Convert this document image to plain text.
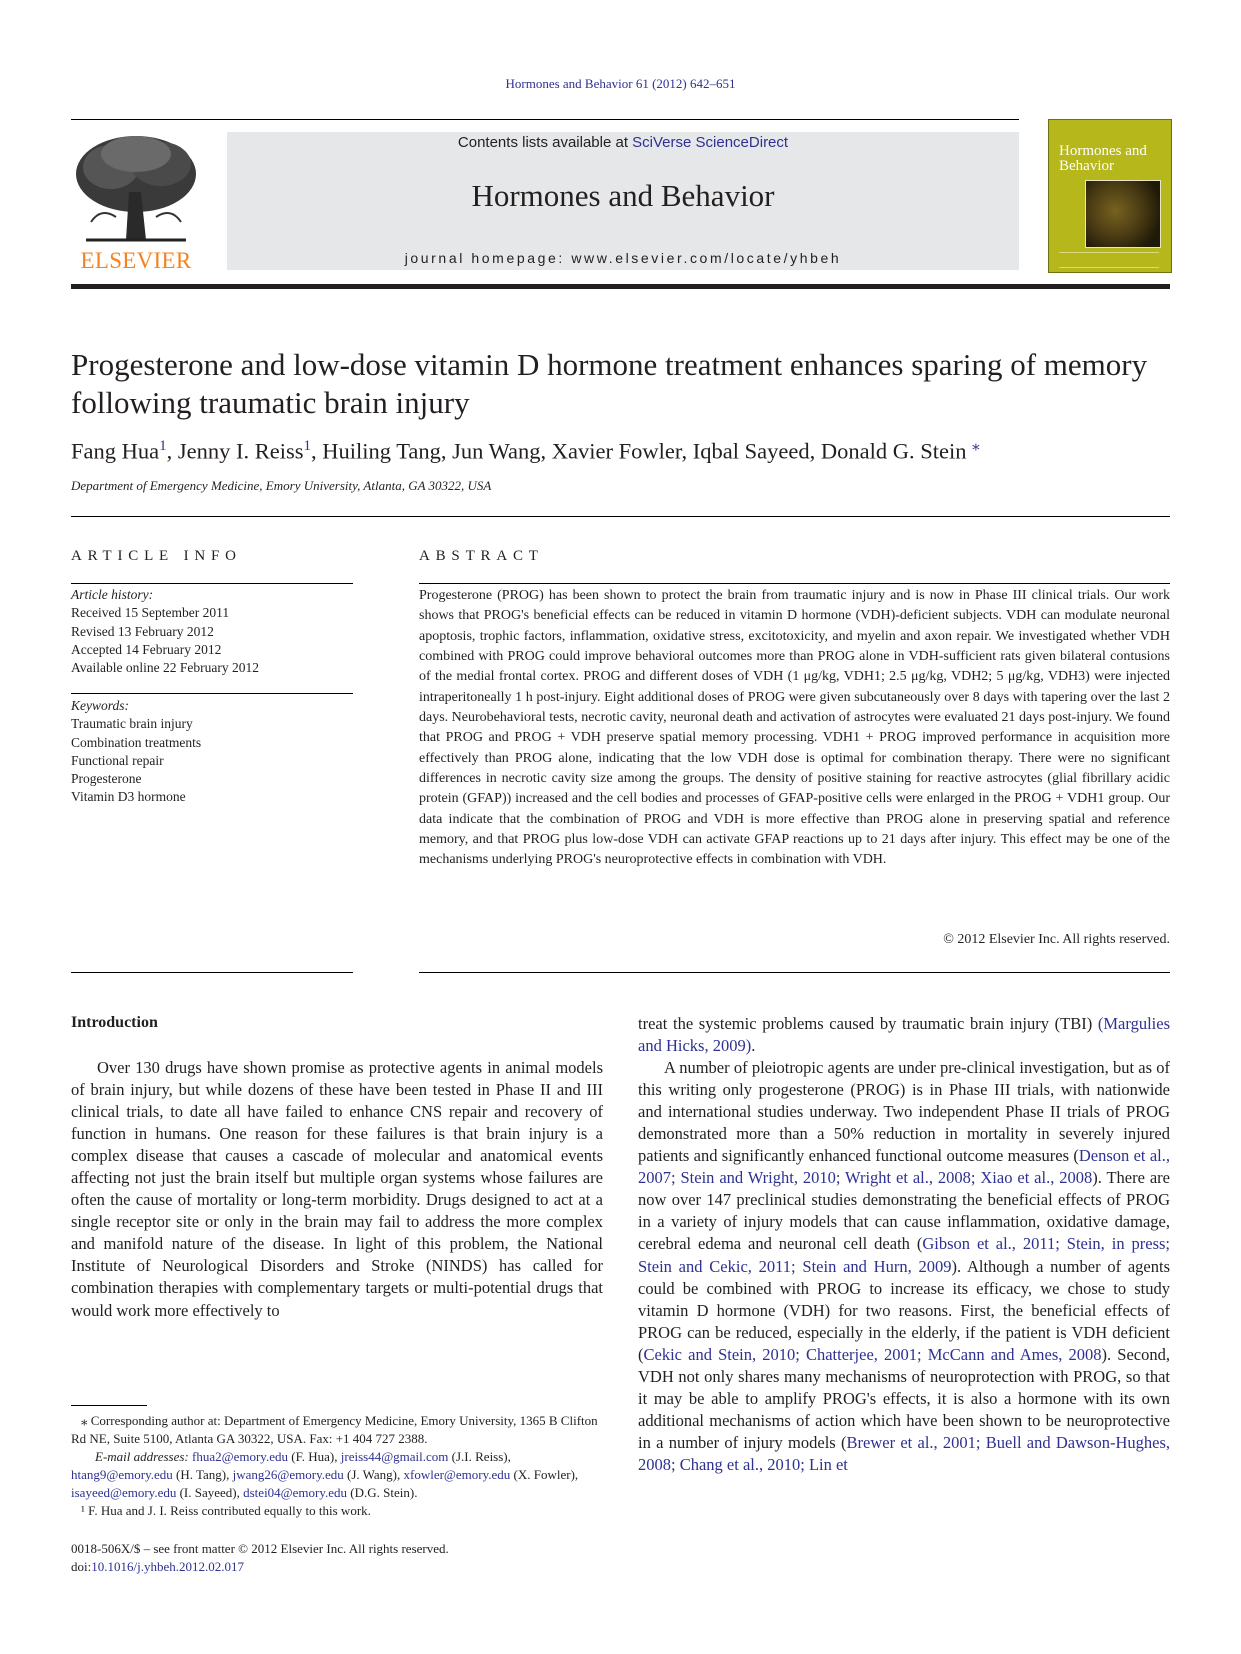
Hormones and Behavior 61 (2012) 642–651
ELSEVIER
Contents lists available at SciVerse ScienceDirect
Hormones and Behavior
journal homepage: www.elsevier.com/locate/yhbeh
Hormones and Behavior
Progesterone and low-dose vitamin D hormone treatment enhances sparing of memory following traumatic brain injury
Fang Hua$^1$, Jenny I. Reiss$^1$, Huiling Tang, Jun Wang, Xavier Fowler, Iqbal Sayeed, Donald G. Stein ⁎
Department of Emergency Medicine, Emory University, Atlanta, GA 30322, USA
ARTICLE INFO	ABSTRACT
Article history:
Received 15 September 2011
Revised 13 February 2012
Accepted 14 February 2012
Available online 22 February 2012
Keywords:
Traumatic brain injury
Combination treatments
Functional repair
Progesterone
Vitamin D3 hormone
Progesterone (PROG) has been shown to protect the brain from traumatic injury and is now in Phase III clinical trials. Our work shows that PROG's beneficial effects can be reduced in vitamin D hormone (VDH)-deficient subjects. VDH can modulate neuronal apoptosis, trophic factors, inflammation, oxidative stress, excitotoxicity, and myelin and axon repair. We investigated whether VDH combined with PROG could improve behavioral outcomes more than PROG alone in VDH-sufficient rats given bilateral contusions of the medial frontal cortex. PROG and different doses of VDH (1 μg/kg, VDH1; 2.5 μg/kg, VDH2; 5 μg/kg, VDH3) were injected intraperitoneally 1 h post-injury. Eight additional doses of PROG were given subcutaneously over 8 days with tapering over the last 2 days. Neurobehavioral tests, necrotic cavity, neuronal death and activation of astrocytes were evaluated 21 days post-injury. We found that PROG and PROG + VDH preserve spatial memory processing. VDH1 + PROG improved performance in acquisition more effectively than PROG alone, indicating that the low VDH dose is optimal for combination therapy. There were no significant differences in necrotic cavity size among the groups. The density of positive staining for reactive astrocytes (glial fibrillary acidic protein (GFAP)) increased and the cell bodies and processes of GFAP-positive cells were enlarged in the PROG + VDH1 group. Our data indicate that the combination of PROG and VDH is more effective than PROG alone in preserving spatial and reference memory, and that PROG plus low-dose VDH can activate GFAP reactions up to 21 days after injury. This effect may be one of the mechanisms underlying PROG's neuroprotective effects in combination with VDH.
© 2012 Elsevier Inc. All rights reserved.
Introduction
Over 130 drugs have shown promise as protective agents in animal models of brain injury, but while dozens of these have been tested in Phase II and III clinical trials, to date all have failed to enhance CNS repair and recovery of function in humans. One reason for these failures is that brain injury is a complex disease that causes a cascade of molecular and anatomical events affecting not just the brain itself but multiple organ systems whose failures are often the cause of mortality or long-term morbidity. Drugs designed to act at a single receptor site or only in the brain may fail to address the more complex and manifold nature of the disease. In light of this problem, the National Institute of Neurological Disorders and Stroke (NINDS) has called for combination therapies with complementary targets or multi-potential drugs that would work more effectively to

treat the systemic problems caused by traumatic brain injury (TBI) (Margulies and Hicks, 2009).

A number of pleiotropic agents are under pre-clinical investigation, but as of this writing only progesterone (PROG) is in Phase III trials, with nationwide and international studies underway. Two independent Phase II trials of PROG demonstrated more than a 50% reduction in mortality in severely injured patients and significantly enhanced functional outcome measures (Denson et al., 2007; Stein and Wright, 2010; Wright et al., 2008; Xiao et al., 2008). There are now over 147 preclinical studies demonstrating the beneficial effects of PROG in a variety of injury models that can cause inflammation, oxidative damage, cerebral edema and neuronal cell death (Gibson et al., 2011; Stein, in press; Stein and Cekic, 2011; Stein and Hurn, 2009). Although a number of agents could be combined with PROG to increase its efficacy, we chose to study vitamin D hormone (VDH) for two reasons. First, the beneficial effects of PROG can be reduced, especially in the elderly, if the patient is VDH deficient (Cekic and Stein, 2010; Chatterjee, 2001; McCann and Ames, 2008). Second, VDH not only shares many mechanisms of neuroprotection with PROG, so that it may be able to amplify PROG's effects, it is also a hormone with its own additional mechanisms of action which have been shown to be neuroprotective in a number of injury models (Brewer et al., 2001; Buell and Dawson-Hughes, 2008; Chang et al., 2010; Lin et

⁎ Corresponding author at: Department of Emergency Medicine, Emory University, 1365 B Clifton Rd NE, Suite 5100, Atlanta GA 30322, USA. Fax: +1 404 727 2388.

E-mail addresses: fhua2@emory.edu (F. Hua), jreiss44@gmail.com (J.I. Reiss), htang9@emory.edu (H. Tang), jwang26@emory.edu (J. Wang), xfowler@emory.edu (X. Fowler), isayeed@emory.edu (I. Sayeed), dstei04@emory.edu (D.G. Stein).

¹ F. Hua and J. I. Reiss contributed equally to this work.

0018-506X/$ – see front matter © 2012 Elsevier Inc. All rights reserved.

doi:10.1016/j.yhbeh.2012.02.017
